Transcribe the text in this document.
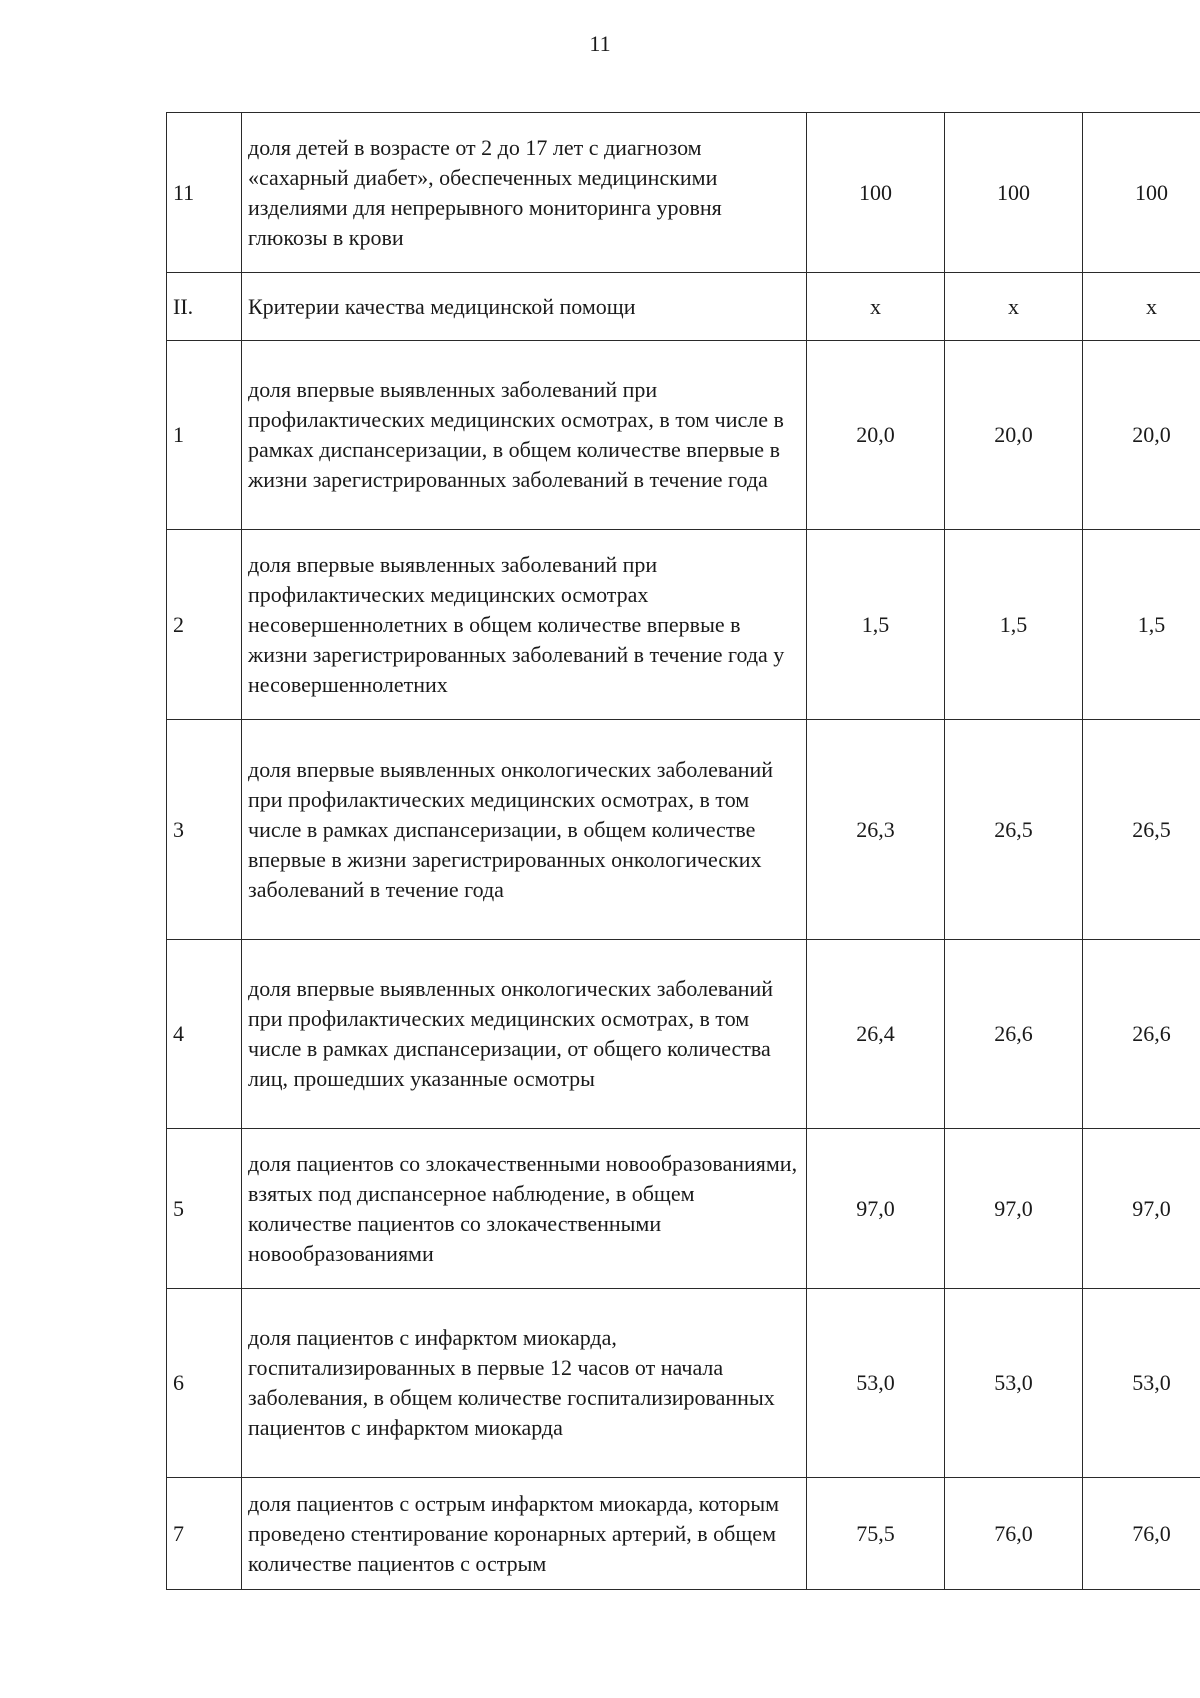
11
11	доля детей в возрасте от 2 до 17 лет с диагнозом «сахарный диабет», обеспеченных медицинскими изделиями для непрерывного мониторинга уровня глюкозы в крови	100	100	100
II.	Критерии качества медицинской помощи	х	х	х
1	доля впервые выявленных заболеваний при профилактических медицинских осмотрах, в том числе в рамках диспансеризации, в общем количестве впервые в жизни зарегистрированных заболеваний в течение года	20,0	20,0	20,0
2	доля впервые выявленных заболеваний при профилактических медицинских осмотрах несовершеннолетних в общем количестве впервые в жизни зарегистрированных заболеваний в течение года у несовершеннолетних	1,5	1,5	1,5
3	доля впервые выявленных онкологических заболеваний при профилактических медицинских осмотрах, в том числе в рамках диспансеризации, в общем количестве впервые в жизни зарегистрированных онкологических заболеваний в течение года	26,3	26,5	26,5
4	доля впервые выявленных онкологических заболеваний при профилактических медицинских осмотрах, в том числе в рамках диспансеризации, от общего количества лиц, прошедших указанные осмотры	26,4	26,6	26,6
5	доля пациентов со злокачественными новообразованиями, взятых под диспансерное наблюдение, в общем количестве пациентов со злокачественными новообразованиями	97,0	97,0	97,0
6	доля пациентов с инфарктом миокарда, госпитализированных в первые 12 часов от начала заболевания, в общем количестве госпитализированных пациентов с инфарктом миокарда	53,0	53,0	53,0
7	доля пациентов с острым инфарктом миокарда, которым проведено стентирование коронарных артерий, в общем количестве пациентов с острым	75,5	76,0	76,0
